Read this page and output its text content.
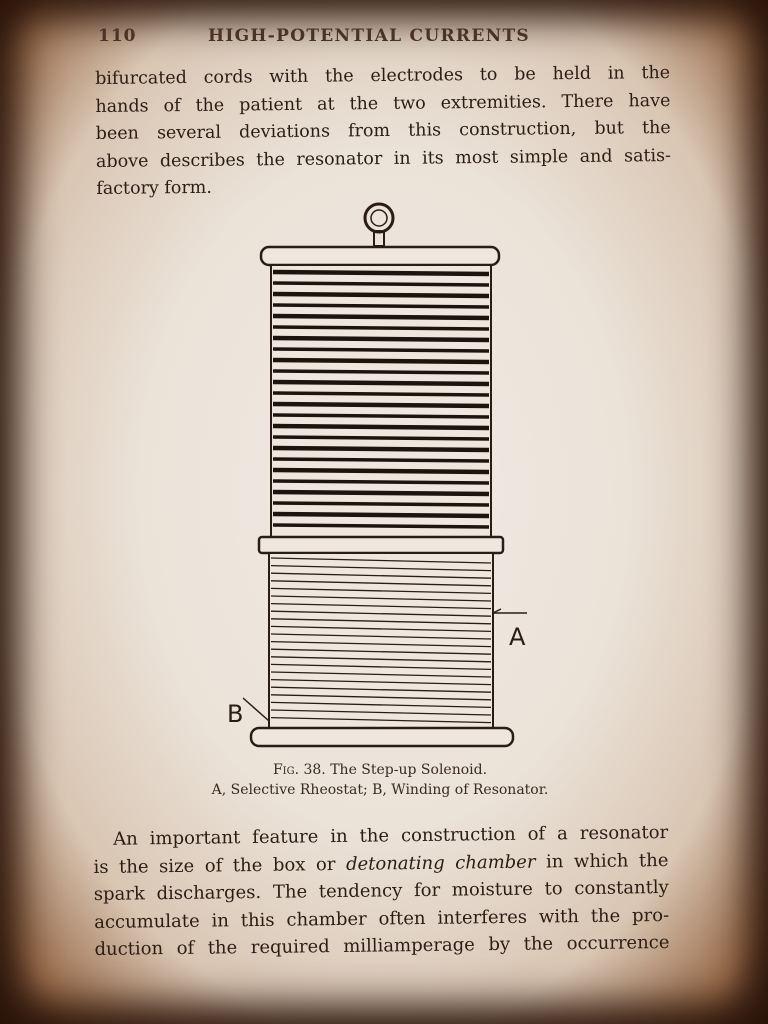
110	HIGH-POTENTIAL CURRENTS

bifurcated cords with the electrodes to be held in the
hands of the patient at the two extremities. There have
been several deviations from this construction, but the
above describes the resonator in its most simple and satis-
factory form.

A
B
Fig. 38. The Step-up Solenoid.
A, Selective Rheostat; B, Winding of Resonator.

An important feature in the construction of a resonator
is the size of the box or detonating chamber in which the
spark discharges. The tendency for moisture to constantly
accumulate in this chamber often interferes with the pro-
duction of the required milliamperage by the occurrence
